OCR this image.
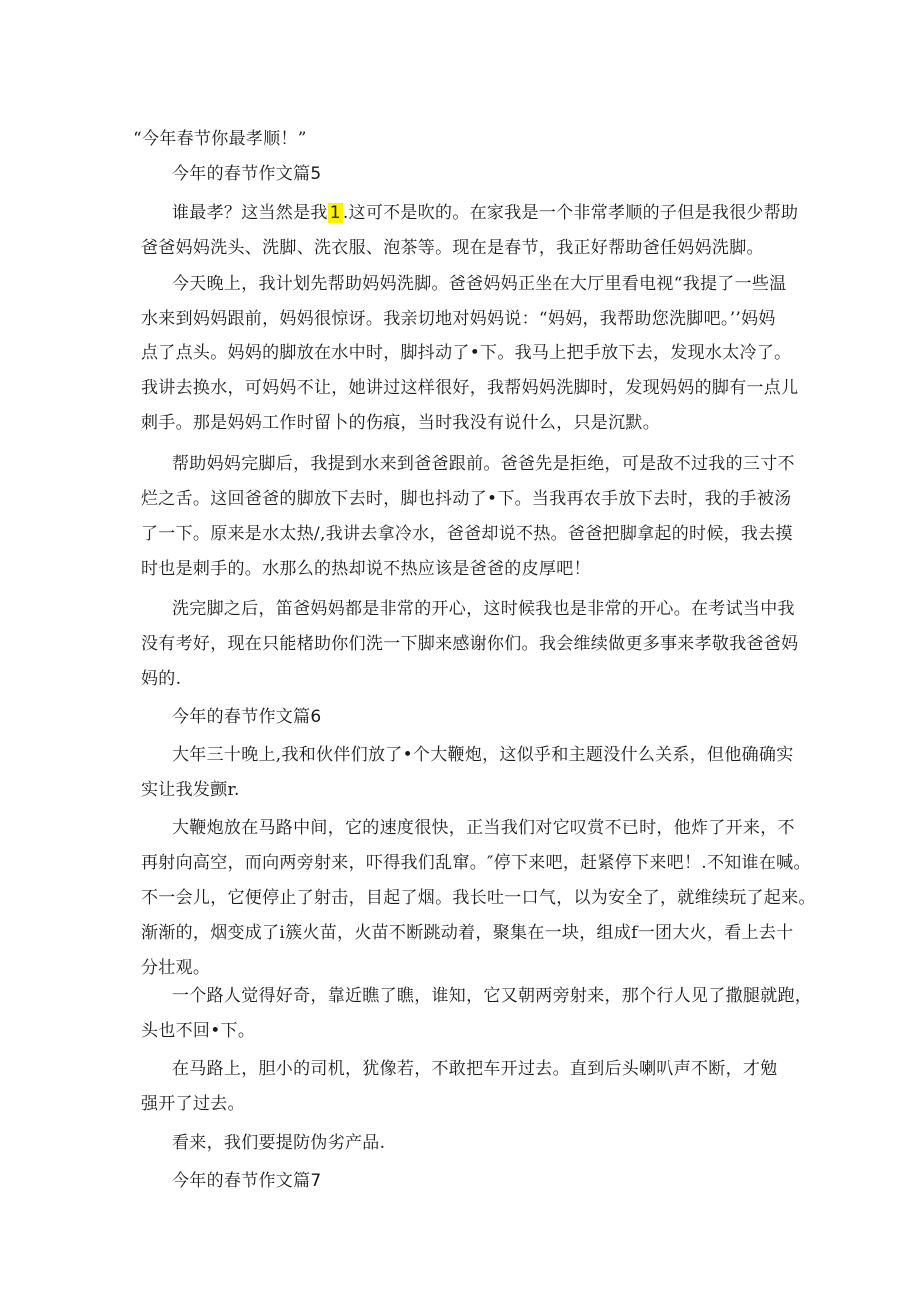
“今年春节你最孝顺！”
今年的春节作文篇5
谁最孝？这当然是我 1 .这可不是吹的。在家我是一个非常孝顺的子但是我很少帮助
爸爸妈妈洗头、洗脚、洗衣服、泡茶等。现在是春节，我正好帮助爸任妈妈洗脚。
今天晚上，我计划先帮助妈妈洗脚。爸爸妈妈正坐在大厅里看电视“我提了一些温
水来到妈妈跟前，妈妈很惊讶。我亲切地对妈妈说：“妈妈，我帮助您洗脚吧。’’妈妈
点了点头。妈妈的脚放在水中时，脚抖动了•下。我马上把手放下去，发现水太冷了。
我讲去换水，可妈妈不让，她讲过这样很好，我帮妈妈洗脚时，发现妈妈的脚有一点儿
刺手。那是妈妈工作时留卜的伤痕，当时我没有说什么，只是沉默。
帮助妈妈完脚后，我提到水来到爸爸跟前。爸爸先是拒绝，可是敌不过我的三寸不
烂之舌。这回爸爸的脚放下去时，脚也抖动了•下。当我再农手放下去时，我的手被汤
了一下。原来是水太热/,我讲去拿冷水，爸爸却说不热。爸爸把脚拿起的时候，我去摸
时也是刺手的。水那么的热却说不热应该是爸爸的皮厚吧！
洗完脚之后，笛爸妈妈都是非常的开心，这时候我也是非常的开心。在考试当中我
没有考好，现在只能楮助你们洗一下脚来感谢你们。我会维续做更多事来孝敬我爸爸妈
妈的.
今年的春节作文篇6
大年三十晚上,我和伙伴们放了•个大鞭炮，这似乎和主题没什么关系，但他确确实
实让我发颤r.
大鞭炮放在马路中间，它的速度很快，正当我们对它叹赏不已时，他炸了开来，不
再射向高空，而向两旁射来，吓得我们乱窜。″停下来吧，赶紧停下来吧！.不知谁在喊。
不一会儿，它便停止了射击，目起了烟。我长吐一口气，以为安全了，就维续玩了起来。
渐渐的，烟变成了i簇火苗，火苗不断跳动着，聚集在一块，组成f一团大火，看上去十
分壮观。
一个路人觉得好奇，靠近瞧了瞧，谁知，它又朝两旁射来，那个行人见了撒腿就跑，
头也不回•下。
在马路上，胆小的司机，犹像若，不敢把车开过去。直到后头喇叭声不断，才勉
强开了过去。
看来，我们要提防伪劣产品.
今年的春节作文篇7
